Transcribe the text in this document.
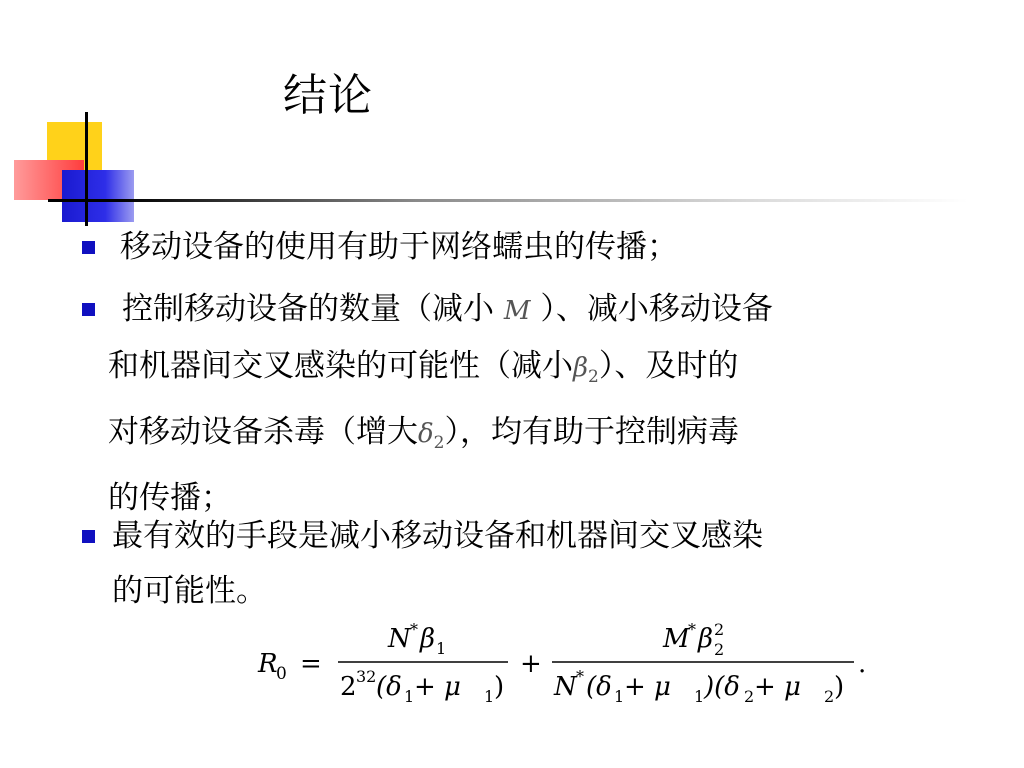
结论
移动设备的使用有助于网络蠕虫的传播；
控制移动设备的数量（减小 M ）、减小移动设备
和机器间交叉感染的可能性（减小$\beta_2$）、及时的
对移动设备杀毒（增大$\delta_2$），均有助于控制病毒
的传播；
最有效的手段是减小移动设备和机器间交叉感染
的可能性。
R
0 =
N * β 1
2 32 (δ 1 + μ 1 )
+
M
* β 2
2
N * (δ 1 + μ 1 )(δ 2 + μ 2 )
.
